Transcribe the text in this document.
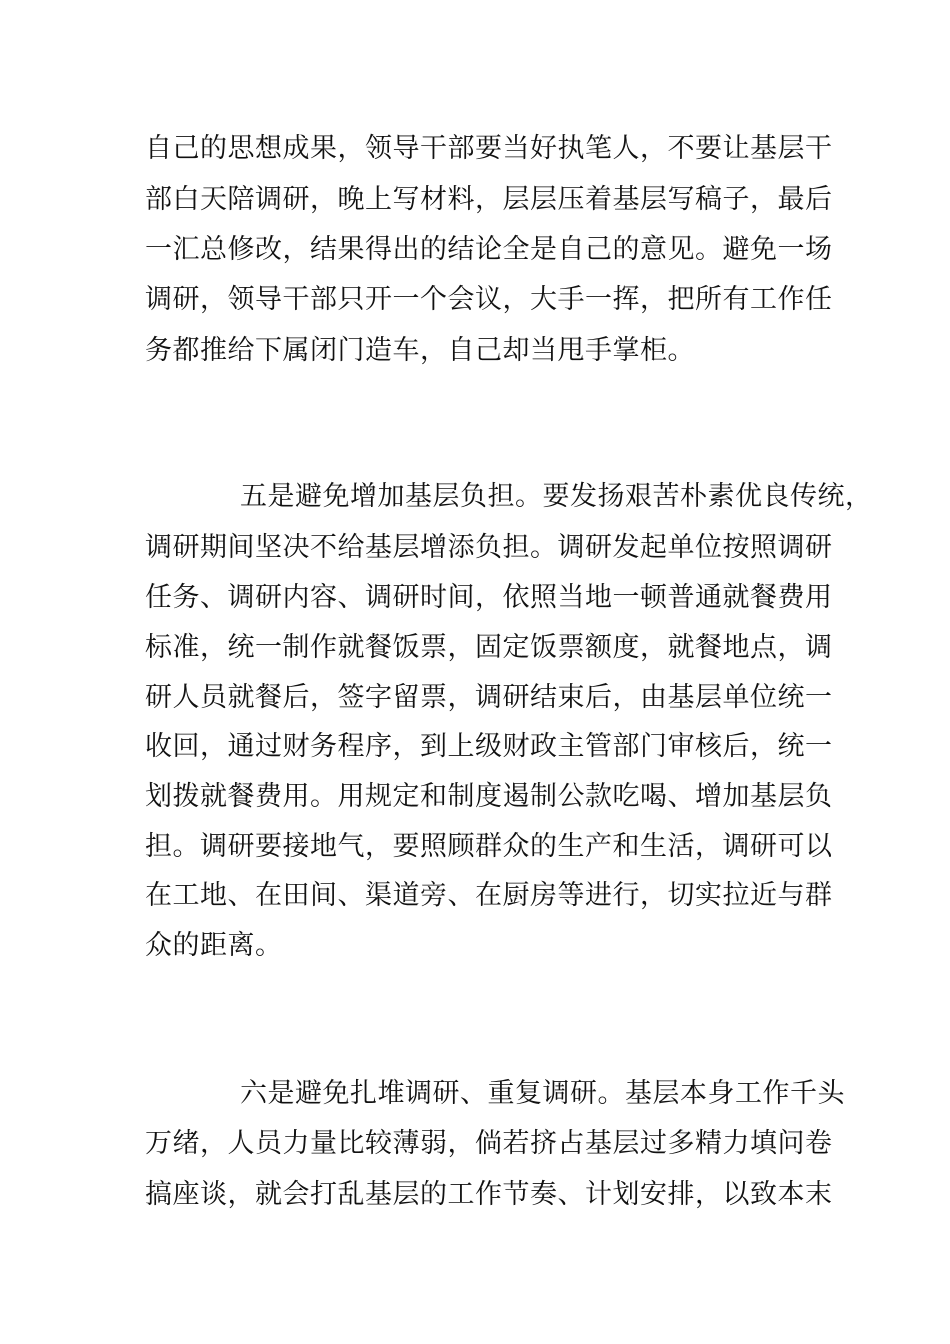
自己的思想成果，领导干部要当好执笔人，不要让基层干
部白天陪调研，晚上写材料，层层压着基层写稿子，最后
一汇总修改，结果得出的结论全是自己的意见。避免一场
调研，领导干部只开一个会议，大手一挥，把所有工作任
务都推给下属闭门造车，自己却当甩手掌柜。
五是避免增加基层负担。要发扬艰苦朴素优良传统，
调研期间坚决不给基层增添负担。调研发起单位按照调研
任务、调研内容、调研时间，依照当地一顿普通就餐费用
标准，统一制作就餐饭票，固定饭票额度，就餐地点，调
研人员就餐后，签字留票，调研结束后，由基层单位统一
收回，通过财务程序，到上级财政主管部门审核后，统一
划拨就餐费用。用规定和制度遏制公款吃喝、增加基层负
担。调研要接地气，要照顾群众的生产和生活，调研可以
在工地、在田间、渠道旁、在厨房等进行，切实拉近与群
众的距离。
六是避免扎堆调研、重复调研。基层本身工作千头
万绪，人员力量比较薄弱，倘若挤占基层过多精力填问卷
搞座谈，就会打乱基层的工作节奏、计划安排，以致本末
